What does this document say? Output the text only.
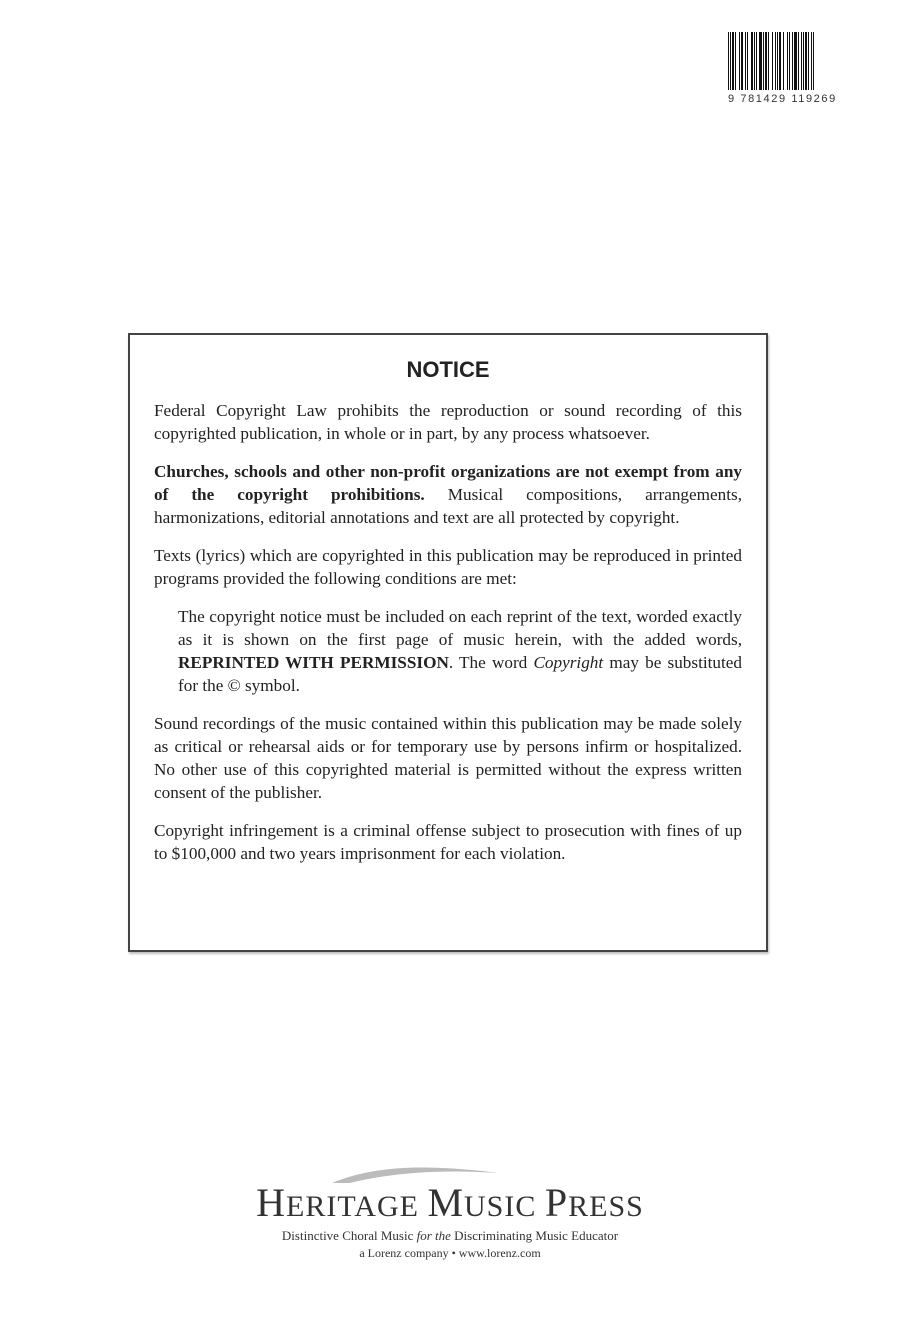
9 781429 119269
NOTICE

Federal Copyright Law prohibits the reproduction or sound recording of this copyrighted publication, in whole or in part, by any process whatsoever.

Churches, schools and other non-profit organizations are not exempt from any of the copyright prohibitions. Musical compositions, arrangements, harmonizations, editorial annotations and text are all protected by copyright.

Texts (lyrics) which are copyrighted in this publication may be reproduced in printed programs provided the following conditions are met:

The copyright notice must be included on each reprint of the text, worded exactly as it is shown on the first page of music herein, with the added words, REPRINTED WITH PERMISSION. The word Copyright may be substituted for the © symbol.

Sound recordings of the music contained within this publication may be made solely as critical or rehearsal aids or for temporary use by persons infirm or hospitalized. No other use of this copyrighted material is permitted without the express written consent of the publisher.

Copyright infringement is a criminal offense subject to prosecution with fines of up to $100,000 and two years imprisonment for each violation.

HERITAGE MUSIC PRESS
Distinctive Choral Music for the Discriminating Music Educator
a Lorenz company • www.lorenz.com
